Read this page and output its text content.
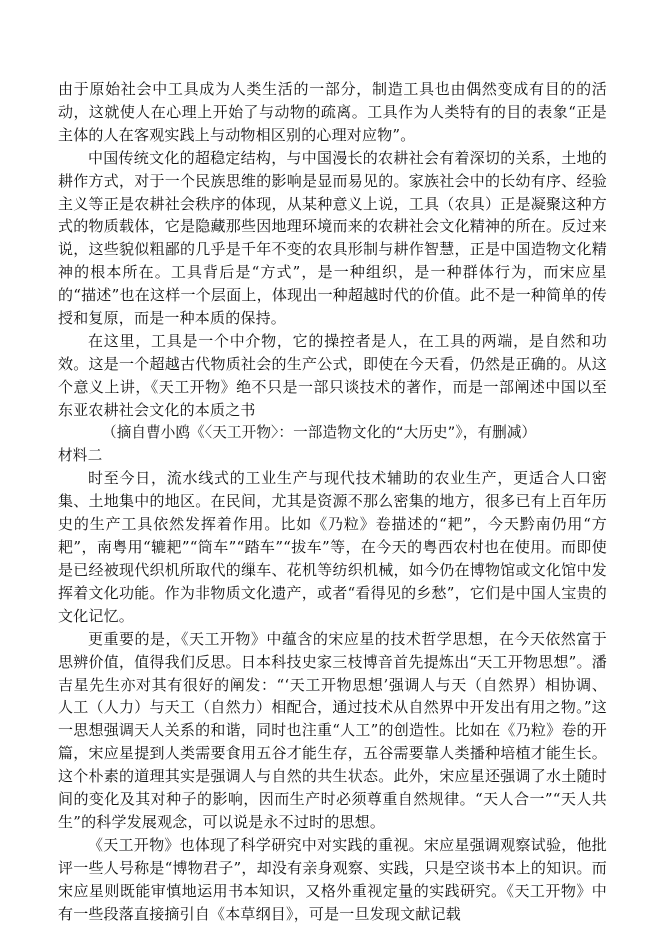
由于原始社会中工具成为人类生活的一部分，制造工具也由偶然变成有目的的活动，这就使人在心理上开始了与动物的疏离。工具作为人类特有的目的表象“正是主体的人在客观实践上与动物相区别的心理对应物”。

中国传统文化的超稳定结构，与中国漫长的农耕社会有着深切的关系，土地的耕作方式，对于一个民族思维的影响是显而易见的。家族社会中的长幼有序、经验主义等正是农耕社会秩序的体现，从某种意义上说，工具（农具）正是凝聚这种方式的物质载体，它是隐藏那些因地理环境而来的农耕社会文化精神的所在。反过来说，这些貌似粗鄙的几乎是千年不变的农具形制与耕作智慧，正是中国造物文化精神的根本所在。工具背后是“方式”，是一种组织，是一种群体行为，而宋应星的“描述”也在这样一个层面上，体现出一种超越时代的价值。此不是一种简单的传授和复原，而是一种本质的保持。

在这里，工具是一个中介物，它的操控者是人，在工具的两端，是自然和功效。这是一个超越古代物质社会的生产公式，即使在今天看，仍然是正确的。从这个意义上讲，《天工开物》绝不只是一部只谈技术的著作，而是一部阐述中国以至东亚农耕社会文化的本质之书

（摘自曹小鸥《〈天工开物〉：一部造物文化的“大历史”》，有删减）

材料二

时至今日，流水线式的工业生产与现代技术辅助的农业生产，更适合人口密集、土地集中的地区。在民间，尤其是资源不那么密集的地方，很多已有上百年历史的生产工具依然发挥着作用。比如《乃粒》卷描述的“耙”，今天黔南仍用“方耙”，南粤用“辘耙”“筒车”“踏车”“拔车”等，在今天的粤西农村也在使用。而即使是已经被现代织机所取代的缫车、花机等纺织机械，如今仍在博物馆或文化馆中发挥着文化功能。作为非物质文化遗产，或者“看得见的乡愁”，它们是中国人宝贵的文化记忆。

更重要的是，《天工开物》中蕴含的宋应星的技术哲学思想，在今天依然富于思辨价值，值得我们反思。日本科技史家三枝博音首先提炼出“天工开物思想”。潘吉星先生亦对其有很好的阐发：“‘天工开物思想’强调人与天（自然界）相协调、人工（人力）与天工（自然力）相配合，通过技术从自然界中开发出有用之物。”这一思想强调天人关系的和谐，同时也注重“人工”的创造性。比如在《乃粒》卷的开篇，宋应星提到人类需要食用五谷才能生存，五谷需要靠人类播种培植才能生长。这个朴素的道理其实是强调人与自然的共生状态。此外，宋应星还强调了水土随时间的变化及其对种子的影响，因而生产时必须尊重自然规律。“天人合一”“天人共生”的科学发展观念，可以说是永不过时的思想。

《天工开物》也体现了科学研究中对实践的重视。宋应星强调观察试验，他批评一些人号称是“博物君子”，却没有亲身观察、实践，只是空谈书本上的知识。而宋应星则既能审慎地运用书本知识，又格外重视定量的实践研究。《天工开物》中有一些段落直接摘引自《本草纲目》，可是一旦发现文献记载
